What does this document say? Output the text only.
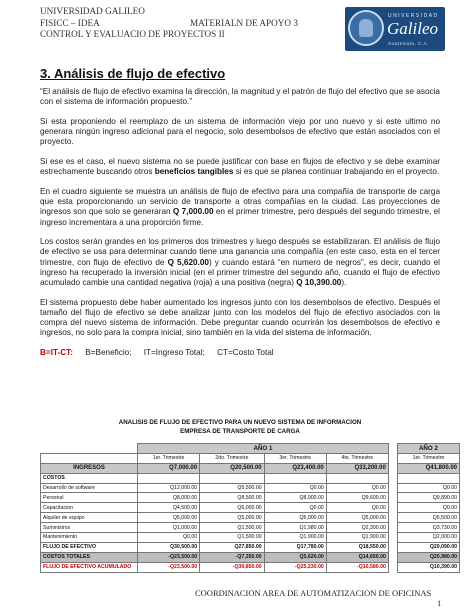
UNIVERSIDAD GALILEO
FISICC – IDEA	MATERIALN DE APOYO 3
CONTROL Y EVALUACIO DE PROYECTOS II
UNIVERSIDAD
Galileo
Guatemala, C.A.
3. Análisis de flujo de efectivo

“El análisis de flujo de efectivo examina la dirección, la magnitud y el patrón de flujo del efectivo que se asocia con el sistema de información propuesto.”

Si esta proponiendo el reemplazo de un sistema de información viejo por uno nuevo y si este ultimo no generara ningún ingreso adicional para el negocio, solo desembolsos de efectivo que están asociados con el proyecto.

Si ese es el caso, el nuevo sistema no se puede justificar con base en flujos de efectivo y se debe examinar estrechamente buscando otros beneficios tangibles si es que se planea continuar trabajando en el proyecto.

En el cuadro siguiente se muestra un análisis de flujo de efectivo para una compañía de transporte de carga que esta proporcionando un servicio de transporte a otras compañías en la ciudad. Las proyecciones de ingresos son que solo se generaran Q 7,000.00 en el primer trimestre, pero después del segundo trimestre, el ingreso incrementara a una proporción firme.

Los costos serán grandes en los primeros dos trimestres y luego después se estabilizaran. El análisis de flujo de efectivo se usa para determinar cuando tiene una ganancia una compañía (en este caso, esta en el tercer trimestre, con flujo de efectivo de Q 5,620.00) y cuando estará “en numero de negros”, es decir, cuando el ingreso ha recuperado la inversión inicial (en el primer trimestre del segundo año, cuando el flujo de efectivo acumulado cambie una cantidad negativa (roja) a una positiva (negra) Q 10,390.00).

El sistema propuesto debe haber aumentado los ingresos junto con los desembolsos de efectivo. Después el tamaño del flujo de efectivo se debe analizar junto con los modelos del flujo de efectivo asociados con la compra del nuevo sistema de información. Debe preguntar cuando ocurrirán los desembolsos de efectivo e ingresos, no solo para la compra inicial, sino también en la vida del sistema de información.

B=IT-CT: B=Beneficio; IT=Ingreso Total; CT=Costo Total
ANALISIS DE FLUJO DE EFECTIVO PARA UN NUEVO SISTEMA DE INFORMACION
EMPRESA DE TRANSPORTE DE CARGA
	AÑO 1					AÑO 2
	1er. Trimestre	2do. Trimestre	3er. Trimestre	4to. Trimestre		1er. Trimestre
INGRESOS	Q7,000.00	Q20,500.00	Q23,400.00	Q33,200.00		Q41,800.00
COSTOS						
Desarrollo de software	Q12,000.00	Q5,500.00	Q0.00	Q0.00		Q0.00
Personal	Q8,000.00	Q8,500.00	Q8,900.00	Q9,600.00		Q9,890.00
Capacitacion	Q4,500.00	Q6,000.00	Q0.00	Q0.00		Q0.00
Alquiler de equipo	Q5,000.00	Q5,000.00	Q5,000.00	Q5,000.00		Q5,500.00
Suministros	Q1,000.00	Q1,500.00	Q1,980.00	Q2,300.00		Q3,730.00
Mantenimiento	Q0.00	Q1,500.00	Q1,900.00	Q1,900.00		Q2,000.00
FLUJO DE EFECTIVO	Q30,500.00	Q27,850.00	Q17,780.00	Q18,550.00		Q20,090.00
COSTOS TOTALES	-Q23,500.00	-Q7,350.00	Q5,620.00	Q14,650.00		Q20,980.00
FLUJO DE EFECTIVO ACUMULADO	-Q23,500.00	-Q30,850.00	-Q25,230.00	-Q10,580.00		Q10,390.00
COORDINACION AREA DE AUTOMATIZACION DE OFICINAS
1
